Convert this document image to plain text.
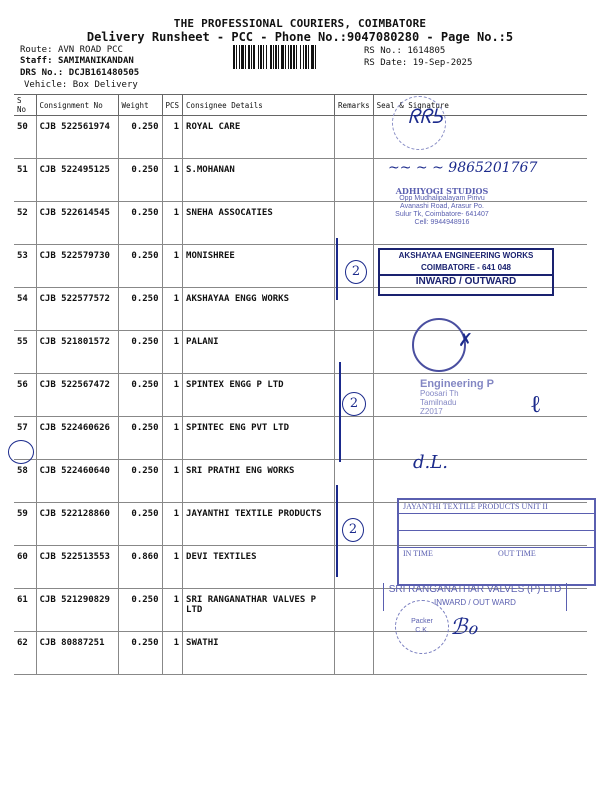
THE PROFESSIONAL COURIERS, COIMBATORE
Delivery Runsheet - PCC - Phone No.:9047080280 - Page No.:5
Route: AVN ROAD PCC
Staff: SAMIMANIKANDAN
DRS No.: DCJB161480505
Vehicle: Box Delivery
RS No.: 1614805
RS Date: 19-Sep-2025
S No	Consignment No	Weight	PCS	Consignee Details	Remarks	Seal & Signature
50	CJB 522561974	0.250	1	ROYAL CARE		
51	CJB 522495125	0.250	1	S.MOHANAN		
52	CJB 522614545	0.250	1	SNEHA ASSOCATIES		
53	CJB 522579730	0.250	1	MONISHREE		
54	CJB 522577572	0.250	1	AKSHAYAA ENGG WORKS		
55	CJB 521801572	0.250	1	PALANI		
56	CJB 522567472	0.250	1	SPINTEX ENGG P LTD		
57	CJB 522460626	0.250	1	SPINTEC ENG PVT LTD		
58	CJB 522460640	0.250	1	SRI PRATHI ENG WORKS		
59	CJB 522128860	0.250	1	JAYANTHI TEXTILE PRODUCTS		
60	CJB 522513553	0.860	1	DEVI TEXTILES		
61	CJB 521290829	0.250	1	SRI RANGANATHAR VALVES P LTD		
62	CJB 80887251	0.250	1	SWATHI		
ᖇᖇᕊ
~~ ~ ~ 9865201767
ADHIYOGI STUDIOS
Opp Mudhalipalayam Pirivu
Avanashi Road, Arasur Po.
Sulur Tk, Coimbatore- 641407
Cell: 9944948916
AKSHAYAA ENGINEERING WORKS
COIMBATORE - 641 048
INWARD / OUTWARD
2
2
2
✗
Engineering P
Poosari Th
Tamilnadu
Z2017	ℓ
d.L.
JAYANTHI TEXTILE PRODUCTS UNIT II
IN TIME	OUT TIME
SRI RANGANATHAR VALVES (P) LTD
INWARD / OUT WARD
Packer
C.K. ℬℴ
